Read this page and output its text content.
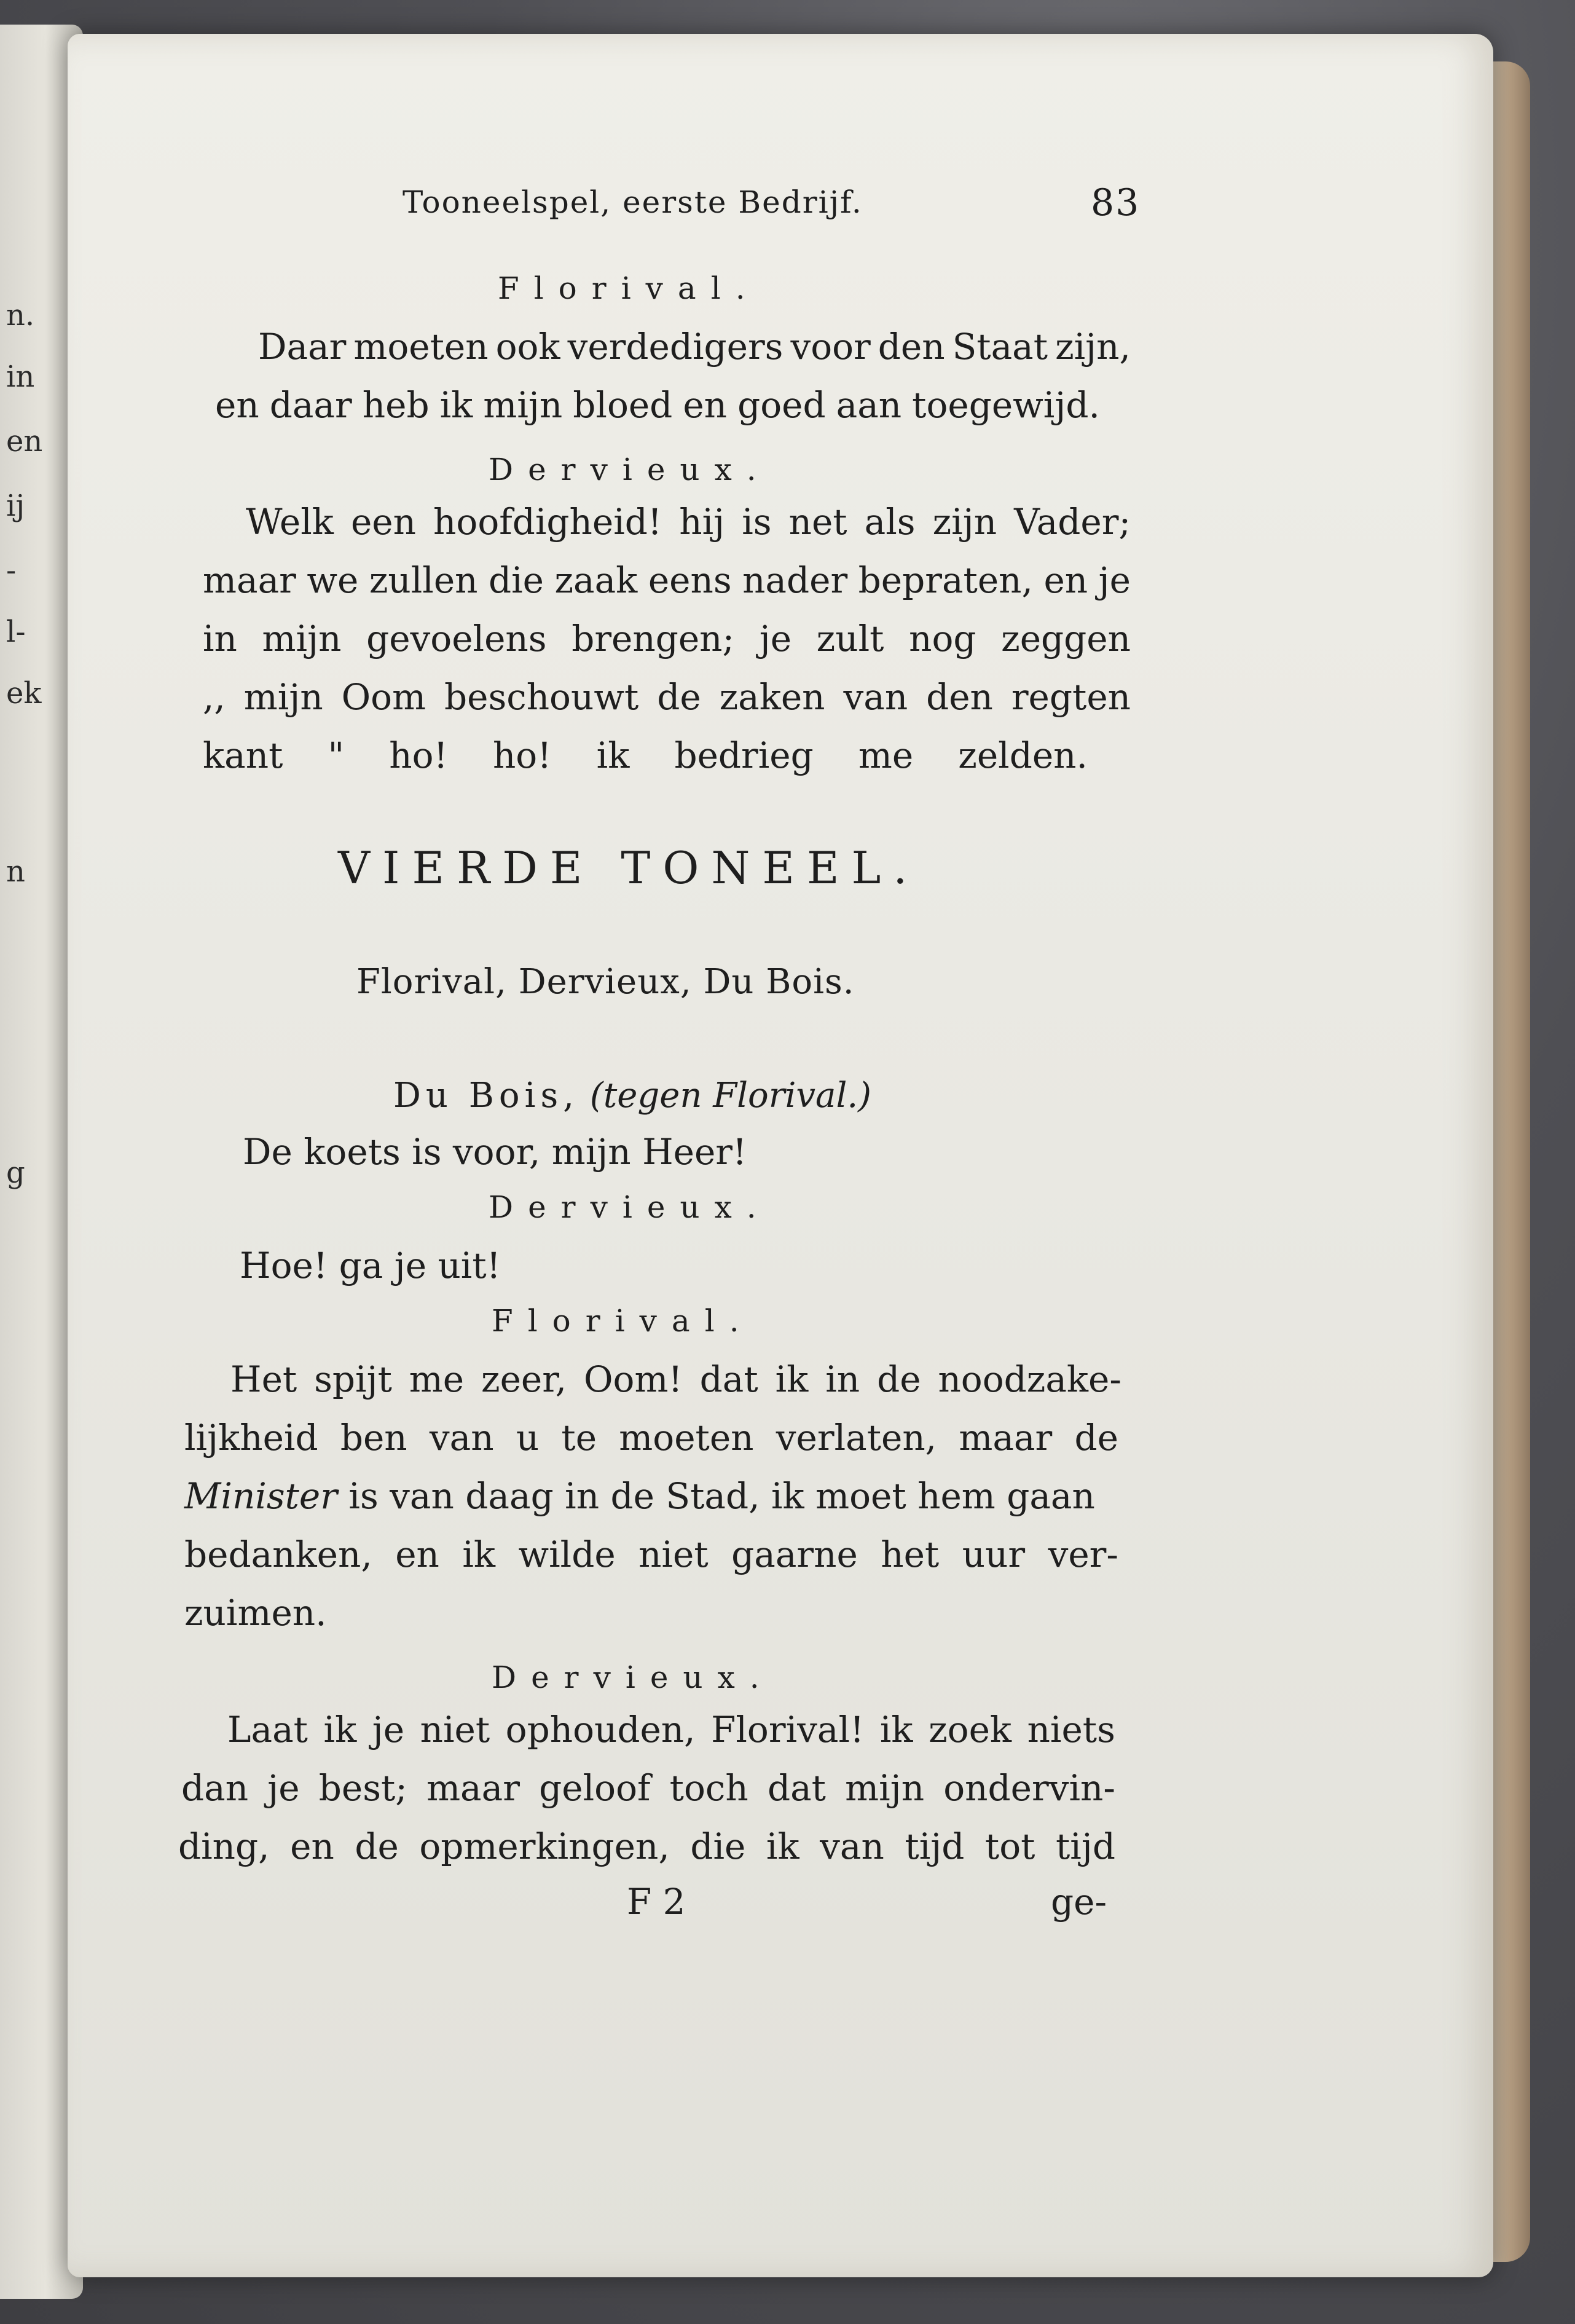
n.
in
en
ij
-
l-
ek
n
g
Tooneelspel, eerste Bedrijf.	83
Florival.
Daar moeten ook verdedigers voor den Staat zijn,
en daar heb ik mijn bloed en goed aan toegewijd.
Dervieux.
Welk een hoofdigheid! hij is net als zijn Vader;
maar we zullen die zaak eens nader bepraten, en je
in mijn gevoelens brengen; je zult nog zeggen
,, mijn Oom beschouwt de zaken van den regten
kant " ho! ho! ik bedrieg me zelden.
VIERDE TONEEL.
Florival, Dervieux, Du Bois.
Du Bois, (tegen Florival.)
De koets is voor, mijn Heer!
Dervieux.
Hoe! ga je uit!
Florival.
Het spijt me zeer, Oom! dat ik in de noodzake-
lijkheid ben van u te moeten verlaten, maar de
Minister is van daag in de Stad, ik moet hem gaan
bedanken, en ik wilde niet gaarne het uur ver-
zuimen.
Dervieux.
Laat ik je niet ophouden, Florival! ik zoek niets
dan je best; maar geloof toch dat mijn ondervin-
ding, en de opmerkingen, die ik van tijd tot tijd
F 2	ge-
